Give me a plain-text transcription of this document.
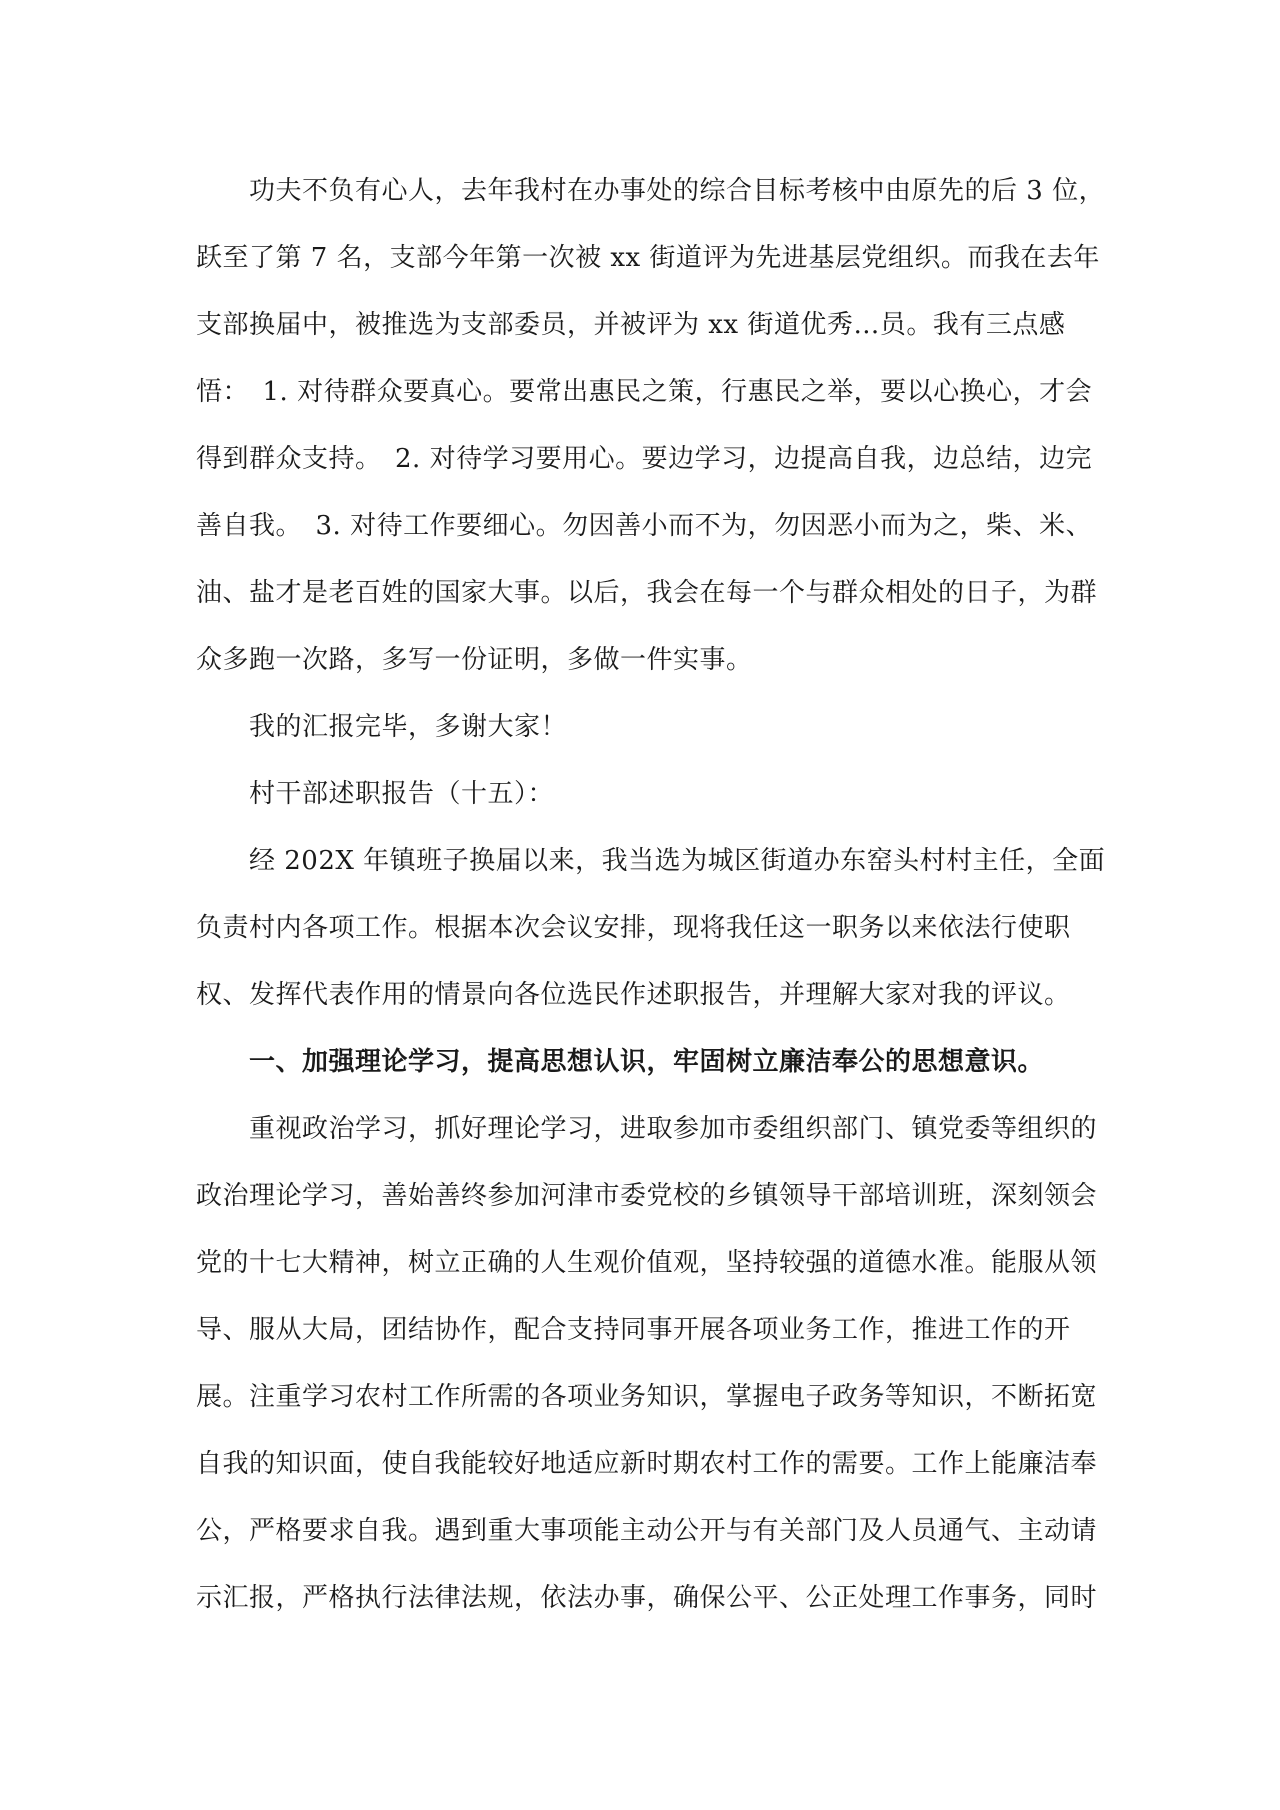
　　功夫不负有心人，去年我村在办事处的综合目标考核中由原先的后 3 位，
跃至了第 7 名，支部今年第一次被 xx 街道评为先进基层党组织。而我在去年
支部换届中，被推选为支部委员，并被评为 xx 街道优秀…员。我有三点感
悟：　1. 对待群众要真心。要常出惠民之策，行惠民之举，要以心换心，才会
得到群众支持。　2. 对待学习要用心。要边学习，边提高自我，边总结，边完
善自我。　3. 对待工作要细心。勿因善小而不为，勿因恶小而为之，柴、米、
油、盐才是老百姓的国家大事。以后，我会在每一个与群众相处的日子，为群
众多跑一次路，多写一份证明，多做一件实事。
　　我的汇报完毕，多谢大家！
　　村干部述职报告（十五）：
　　经 202X 年镇班子换届以来，我当选为城区街道办东窑头村村主任，全面
负责村内各项工作。根据本次会议安排，现将我任这一职务以来依法行使职
权、发挥代表作用的情景向各位选民作述职报告，并理解大家对我的评议。
　　一、加强理论学习，提高思想认识，牢固树立廉洁奉公的思想意识。
　　重视政治学习，抓好理论学习，进取参加市委组织部门、镇党委等组织的
政治理论学习，善始善终参加河津市委党校的乡镇领导干部培训班，深刻领会
党的十七大精神，树立正确的人生观价值观，坚持较强的道德水准。能服从领
导、服从大局，团结协作，配合支持同事开展各项业务工作，推进工作的开
展。注重学习农村工作所需的各项业务知识，掌握电子政务等知识，不断拓宽
自我的知识面，使自我能较好地适应新时期农村工作的需要。工作上能廉洁奉
公，严格要求自我。遇到重大事项能主动公开与有关部门及人员通气、主动请
示汇报，严格执行法律法规，依法办事，确保公平、公正处理工作事务，同时
